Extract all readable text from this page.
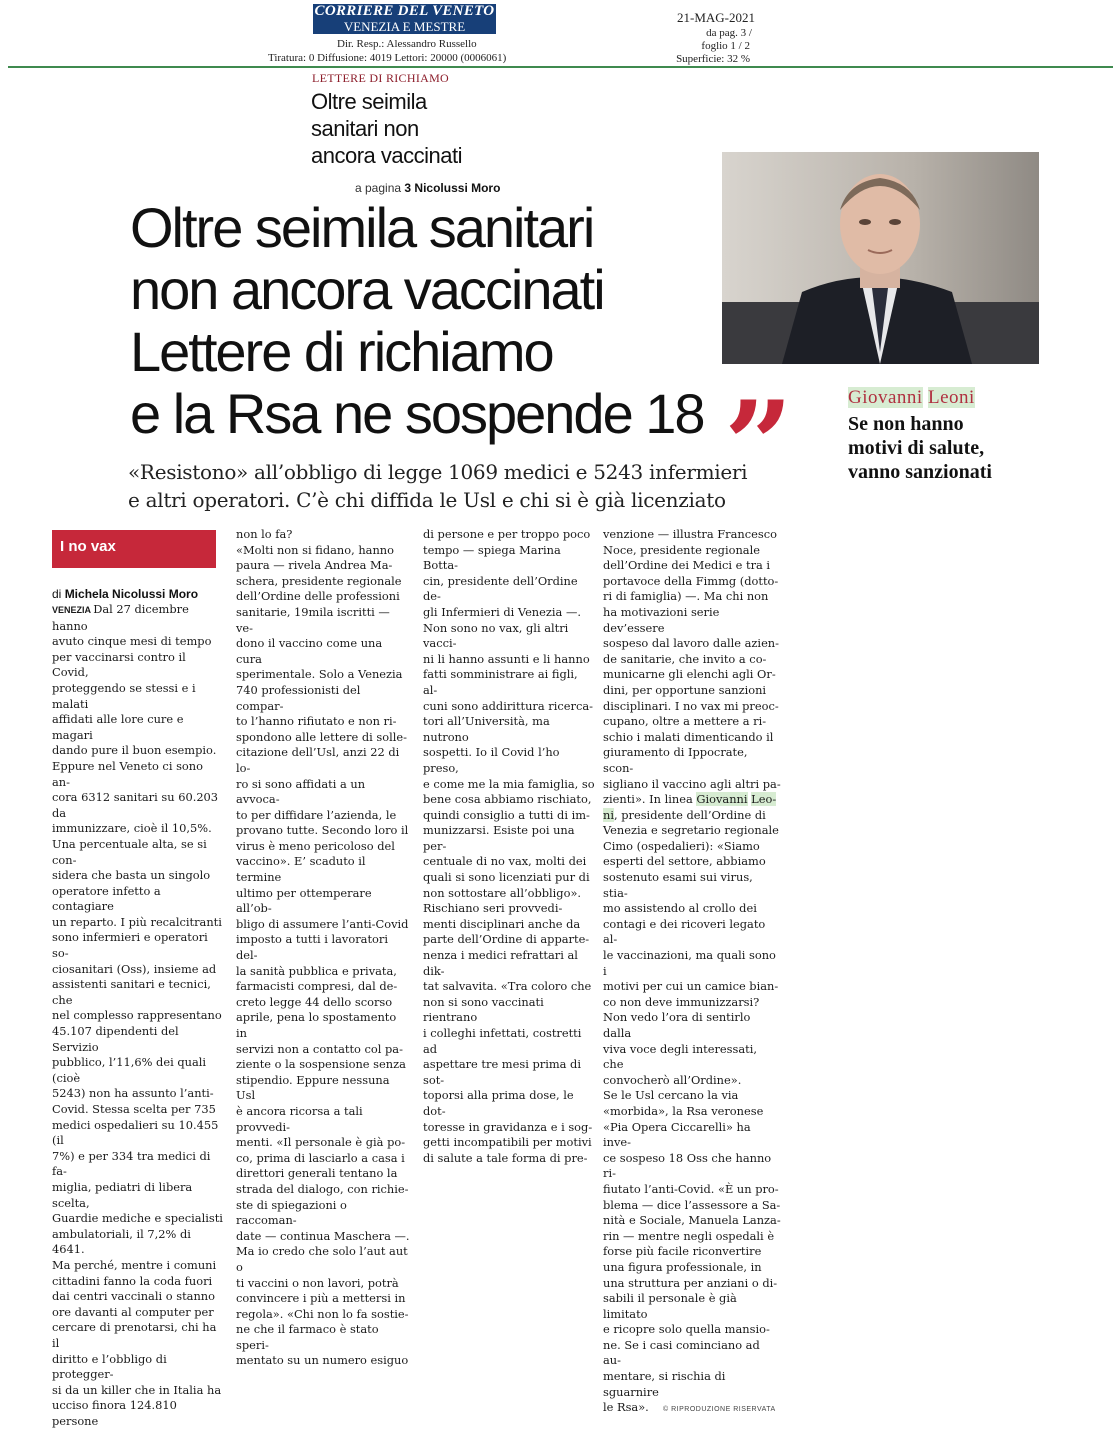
CORRIERE DEL VENETO
VENEZIA E MESTRE
Dir. Resp.: Alessandro Russello
Tiratura: 0 Diffusione: 4019 Lettori: 20000 (0006061)
21-MAG-2021
da pag. 3 /
foglio 1 / 2
Superficie: 32 %
LETTERE DI RICHIAMO
Oltre seimila
sanitari non
ancora vaccinati
a pagina 3 Nicolussi Moro
Oltre seimila sanitari
non ancora vaccinati
Lettere di richiamo
e la Rsa ne sospende 18
«Resistono» all’obbligo di legge 1069 medici e 5243 infermieri
e altri operatori. C’è chi diffida le Usl e chi si è già licenziato
”	Giovanni Leoni
Se non hanno
motivi di salute,
vanno sanzionati
I no vax
di Michela Nicolussi Moro
VENEZIA Dal 27 dicembre hanno
avuto cinque mesi di tempo
per vaccinarsi contro il Covid,
proteggendo se stessi e i malati
affidati alle lore cure e magari
dando pure il buon esempio.
Eppure nel Veneto ci sono an-
cora 6312 sanitari su 60.203 da
immunizzare, cioè il 10,5%.
Una percentuale alta, se si con-
sidera che basta un singolo
operatore infetto a contagiare
un reparto. I più recalcitranti
sono infermieri e operatori so-
ciosanitari (Oss), insieme ad
assistenti sanitari e tecnici, che
nel complesso rappresentano
45.107 dipendenti del Servizio
pubblico, l’11,6% dei quali (cioè
5243) non ha assunto l’anti-
Covid. Stessa scelta per 735
medici ospedalieri su 10.455 (il
7%) e per 334 tra medici di fa-
miglia, pediatri di libera scelta,
Guardie mediche e specialisti
ambulatoriali, il 7,2% di 4641.
Ma perché, mentre i comuni
cittadini fanno la coda fuori
dai centri vaccinali o stanno
ore davanti al computer per
cercare di prenotarsi, chi ha il
diritto e l’obbligo di protegger-
si da un killer che in Italia ha
ucciso finora 124.810 persone
non lo fa?
«Molti non si fidano, hanno
paura — rivela Andrea Ma-
schera, presidente regionale
dell’Ordine delle professioni
sanitarie, 19mila iscritti — ve-
dono il vaccino come una cura
sperimentale. Solo a Venezia
740 professionisti del compar-
to l’hanno rifiutato e non ri-
spondono alle lettere di solle-
citazione dell’Usl, anzi 22 di lo-
ro si sono affidati a un avvoca-
to per diffidare l’azienda, le
provano tutte. Secondo loro il
virus è meno pericoloso del
vaccino». E’ scaduto il termine
ultimo per ottemperare all’ob-
bligo di assumere l’anti-Covid
imposto a tutti i lavoratori del-
la sanità pubblica e privata,
farmacisti compresi, dal de-
creto legge 44 dello scorso
aprile, pena lo spostamento in
servizi non a contatto col pa-
ziente o la sospensione senza
stipendio. Eppure nessuna Usl
è ancora ricorsa a tali provvedi-
menti. «Il personale è già po-
co, prima di lasciarlo a casa i
direttori generali tentano la
strada del dialogo, con richie-
ste di spiegazioni o raccoman-
date — continua Maschera —.
Ma io credo che solo l’aut aut o
ti vaccini o non lavori, potrà
convincere i più a mettersi in
regola». «Chi non lo fa sostie-
ne che il farmaco è stato speri-
mentato su un numero esiguo
di persone e per troppo poco
tempo — spiega Marina Botta-
cin, presidente dell’Ordine de-
gli Infermieri di Venezia —.
Non sono no vax, gli altri vacci-
ni li hanno assunti e li hanno
fatti somministrare ai figli, al-
cuni sono addirittura ricerca-
tori all’Università, ma nutrono
sospetti. Io il Covid l’ho preso,
e come me la mia famiglia, so
bene cosa abbiamo rischiato,
quindi consiglio a tutti di im-
munizzarsi. Esiste poi una per-
centuale di no vax, molti dei
quali si sono licenziati pur di
non sottostare all’obbligo».
Rischiano seri provvedi-
menti disciplinari anche da
parte dell’Ordine di apparte-
nenza i medici refrattari al dik-
tat salvavita. «Tra coloro che
non si sono vaccinati rientrano
i colleghi infettati, costretti ad
aspettare tre mesi prima di sot-
toporsi alla prima dose, le dot-
toresse in gravidanza e i sog-
getti incompatibili per motivi
di salute a tale forma di pre-
venzione — illustra Francesco
Noce, presidente regionale
dell’Ordine dei Medici e tra i
portavoce della Fimmg (dotto-
ri di famiglia) —. Ma chi non
ha motivazioni serie dev’essere
sospeso dal lavoro dalle azien-
de sanitarie, che invito a co-
municarne gli elenchi agli Or-
dini, per opportune sanzioni
disciplinari. I no vax mi preoc-
cupano, oltre a mettere a ri-
schio i malati dimenticando il
giuramento di Ippocrate, scon-
sigliano il vaccino agli altri pa-
zienti». In linea Giovanni Leo-
ni, presidente dell’Ordine di
Venezia e segretario regionale
Cimo (ospedalieri): «Siamo
esperti del settore, abbiamo
sostenuto esami sui virus, stia-
mo assistendo al crollo dei
contagi e dei ricoveri legato al-
le vaccinazioni, ma quali sono i
motivi per cui un camice bian-
co non deve immunizzarsi?
Non vedo l’ora di sentirlo dalla
viva voce degli interessati, che
convocherò all’Ordine».
Se le Usl cercano la via
«morbida», la Rsa veronese
«Pia Opera Ciccarelli» ha inve-
ce sospeso 18 Oss che hanno ri-
fiutato l’anti-Covid. «È un pro-
blema — dice l’assessore a Sa-
nità e Sociale, Manuela Lanza-
rin — mentre negli ospedali è
forse più facile riconvertire
una figura professionale, in
una struttura per anziani o di-
sabili il personale è già limitato
e ricopre solo quella mansio-
ne. Se i casi cominciano ad au-
mentare, si rischia di sguarnire
le Rsa».	© RIPRODUZIONE RISERVATA
